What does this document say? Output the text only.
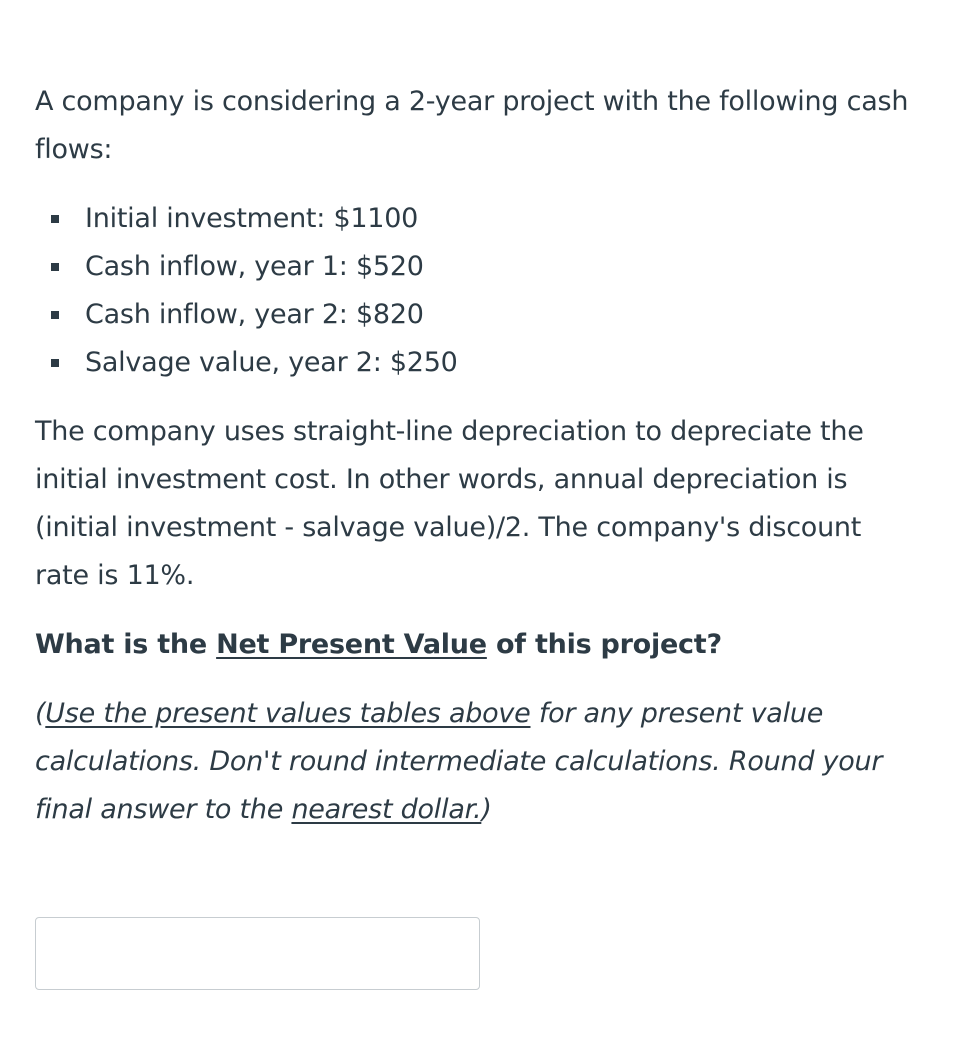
A company is considering a 2-year project with the following cash flows:

Initial investment: $1100
Cash inflow, year 1: $520
Cash inflow, year 2: $820
Salvage value, year 2: $250

The company uses straight-line depreciation to depreciate the initial investment cost. In other words, annual depreciation is (initial investment - salvage value)/2. The company's discount rate is 11%.

What is the Net Present Value of this project?

(Use the present values tables above for any present value calculations. Don't round intermediate calculations. Round your final answer to the nearest dollar.)
